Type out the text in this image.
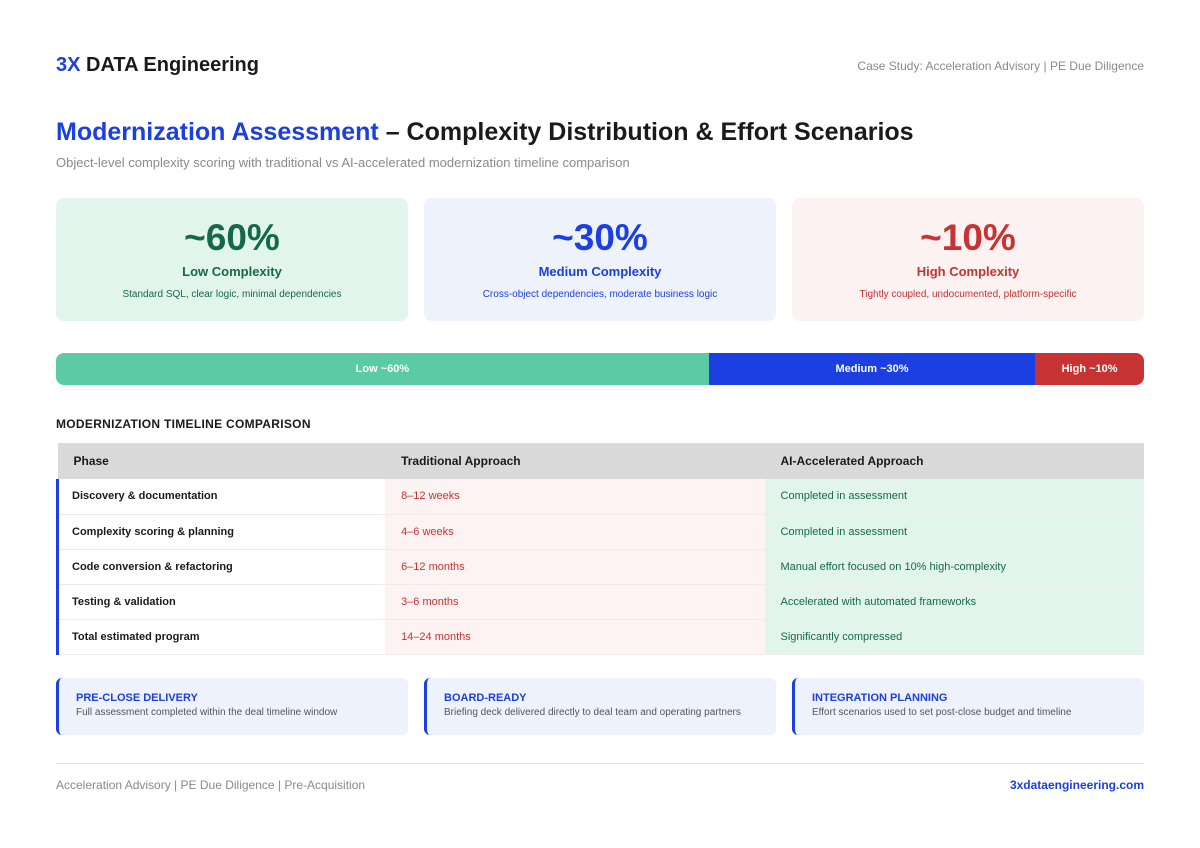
3X DATA Engineering	Case Study: Acceleration Advisory | PE Due Diligence
Modernization Assessment – Complexity Distribution & Effort Scenarios
Object-level complexity scoring with traditional vs AI-accelerated modernization timeline comparison
~60%
Low Complexity
Standard SQL, clear logic, minimal dependencies
~30%
Medium Complexity
Cross-object dependencies, moderate business logic
~10%
High Complexity
Tightly coupled, undocumented, platform-specific
Low ~60%	Medium ~30%	High ~10%
MODERNIZATION TIMELINE COMPARISON
Phase	Traditional Approach	AI-Accelerated Approach
Discovery & documentation	8–12 weeks	Completed in assessment
Complexity scoring & planning	4–6 weeks	Completed in assessment
Code conversion & refactoring	6–12 months	Manual effort focused on 10% high-complexity
Testing & validation	3–6 months	Accelerated with automated frameworks
Total estimated program	14–24 months	Significantly compressed
PRE-CLOSE DELIVERY
Full assessment completed within the deal timeline window
BOARD-READY
Briefing deck delivered directly to deal team and operating partners
INTEGRATION PLANNING
Effort scenarios used to set post-close budget and timeline
Acceleration Advisory | PE Due Diligence | Pre-Acquisition	3xdataengineering.com
